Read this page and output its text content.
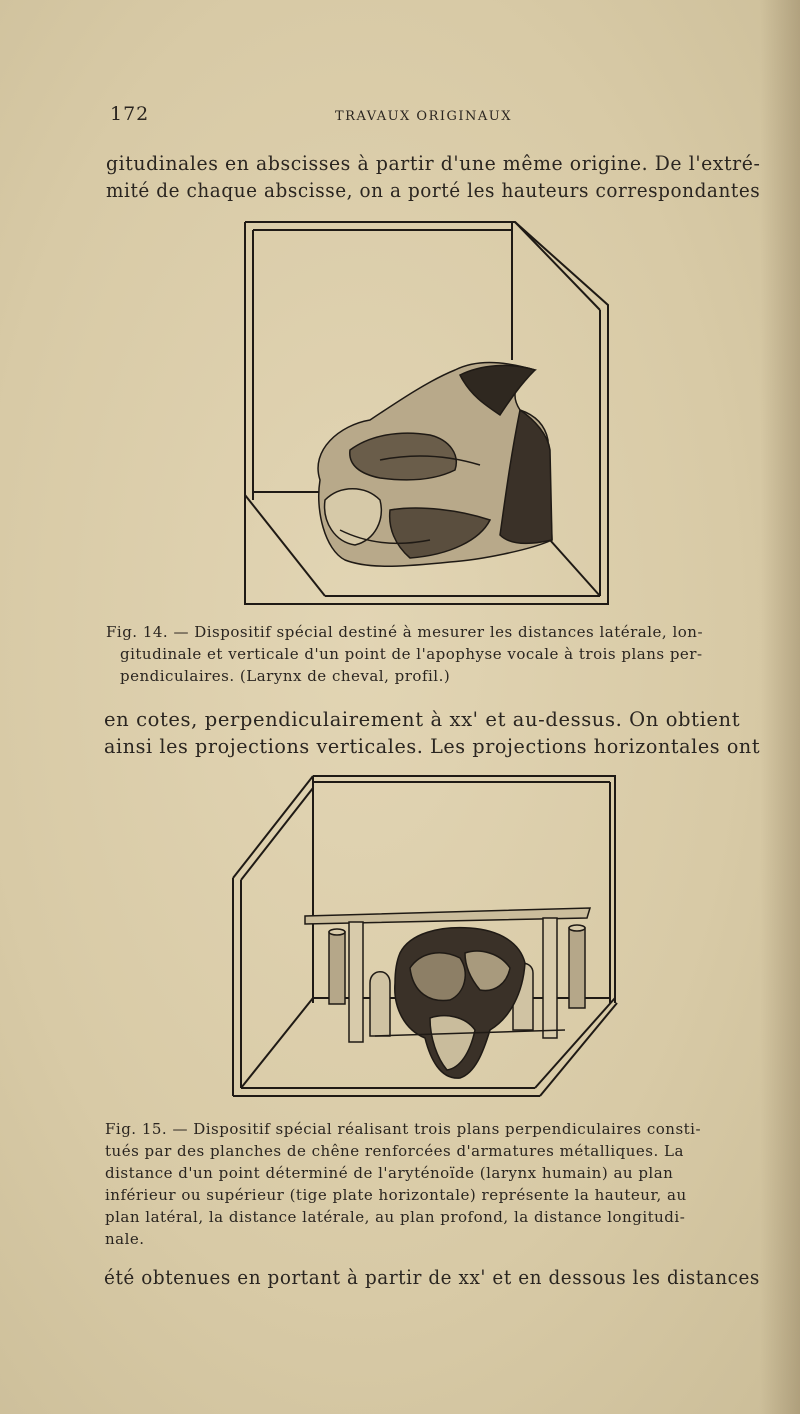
172	TRAVAUX ORIGINAUX
gitudinales en abscisses à partir d'une même origine. De l'extré-
mité de chaque abscisse, on a porté les hauteurs correspondantes
Fig. 14. — Dispositif spécial destiné à mesurer les distances latérale, lon-
gitudinale et verticale d'un point de l'apophyse vocale à trois plans per-
pendiculaires. (Larynx de cheval, profil.)
en cotes, perpendiculairement à xx' et au-dessus. On obtient
ainsi les projections verticales. Les projections horizontales ont
Fig. 15. — Dispositif spécial réalisant trois plans perpendiculaires consti-
tués par des planches de chêne renforcées d'armatures métalliques. La
distance d'un point déterminé de l'aryténoïde (larynx humain) au plan
inférieur ou supérieur (tige plate horizontale) représente la hauteur, au
plan latéral, la distance latérale, au plan profond, la distance longitudi-
nale.
été obtenues en portant à partir de xx' et en dessous les distances
